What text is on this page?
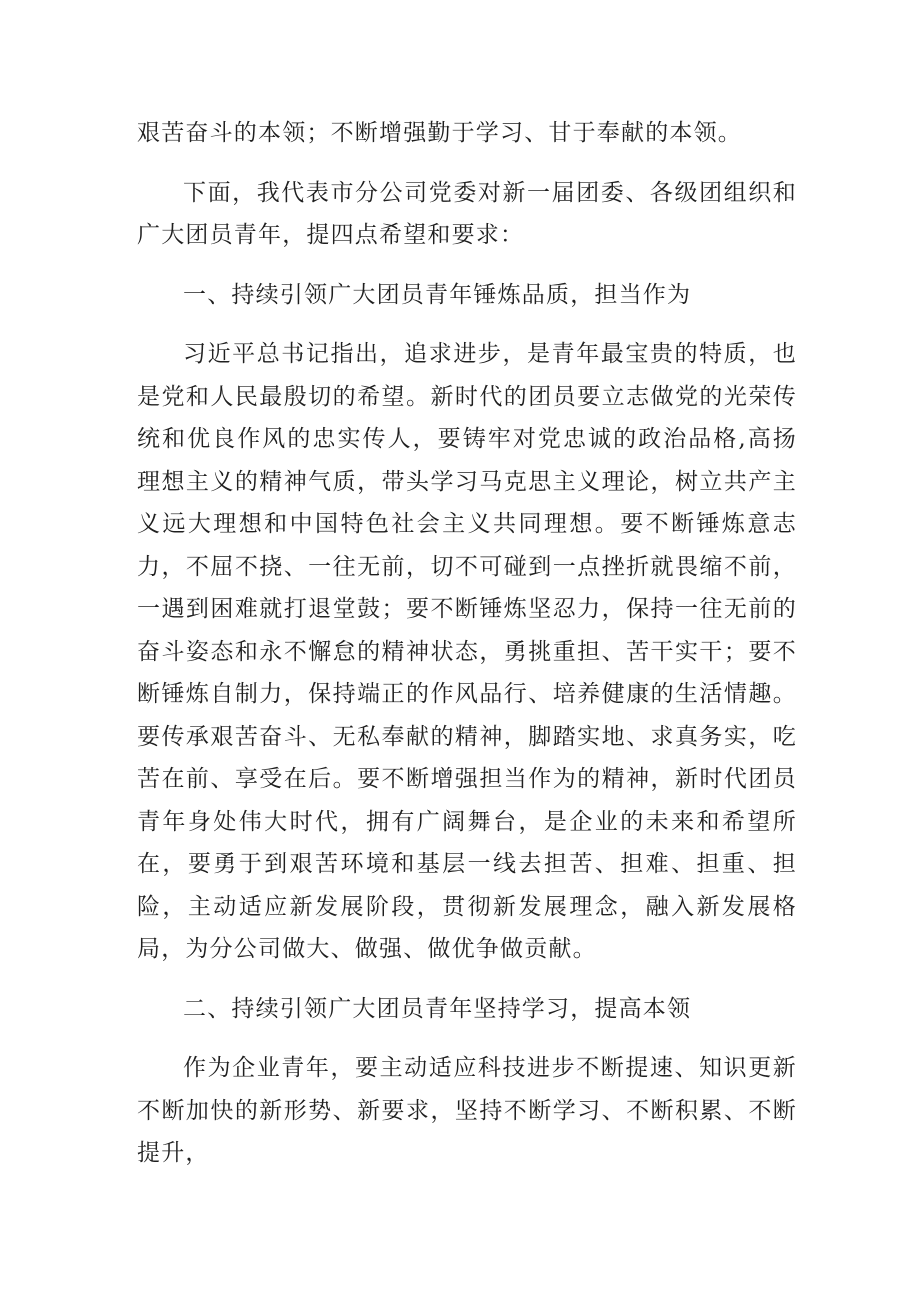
艰苦奋斗的本领；不断增强勤于学习、甘于奉献的本领。

下面，我代表市分公司党委对新一届团委、各级团组织和广大团员青年，提四点希望和要求：

一、持续引领广大团员青年锤炼品质，担当作为

习近平总书记指出，追求进步，是青年最宝贵的特质，也是党和人民最殷切的希望。新时代的团员要立志做党的光荣传统和优良作风的忠实传人，要铸牢对党忠诚的政治品格,高扬理想主义的精神气质，带头学习马克思主义理论，树立共产主义远大理想和中国特色社会主义共同理想。要不断锤炼意志力，不屈不挠、一往无前，切不可碰到一点挫折就畏缩不前，一遇到困难就打退堂鼓；要不断锤炼坚忍力，保持一往无前的奋斗姿态和永不懈怠的精神状态，勇挑重担、苦干实干；要不断锤炼自制力，保持端正的作风品行、培养健康的生活情趣。要传承艰苦奋斗、无私奉献的精神，脚踏实地、求真务实，吃苦在前、享受在后。要不断增强担当作为的精神，新时代团员青年身处伟大时代，拥有广阔舞台，是企业的未来和希望所在，要勇于到艰苦环境和基层一线去担苦、担难、担重、担险，主动适应新发展阶段，贯彻新发展理念，融入新发展格局，为分公司做大、做强、做优争做贡献。

二、持续引领广大团员青年坚持学习，提高本领

作为企业青年，要主动适应科技进步不断提速、知识更新不断加快的新形势、新要求，坚持不断学习、不断积累、不断提升，
